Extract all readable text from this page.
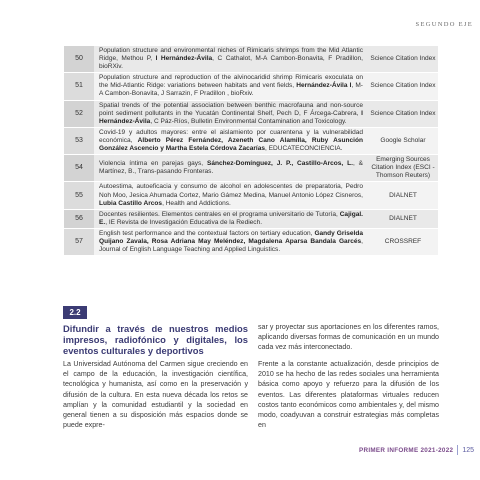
SEGUNDO EJE
50	Population structure and environmental niches of Rimicaris shrimps from the Mid Atlantic Ridge, Methou P, I Hernández-Ávila, C Cathalot, M-A Cambon-Bonavita, F Pradillon, bioRXiv.	Science Citation Index
51	Population structure and reproduction of the alvinocaridid shrimp Rimicaris exoculata on the Mid-Atlantic Ridge: variations between habitats and vent fields, Hernández-Ávila I, M-A Cambon-Bonavita, J Sarrazin, F Pradillon , bioRxiv.	Science Citation Index
52	Spatial trends of the potential association between benthic macrofauna and non-source point sediment pollutants in the Yucatán Continental Shelf, Pech D, F Árcega-Cabrera, I Hernández-Ávila, C Páz-Ríos, Bulletin Environmental Contamination and Toxicology.	Science Citation Index
53	Covid-19 y adultos mayores: entre el aislamiento por cuarentena y la vulnerabilidad económica, Alberto Pérez Fernández, Azeneth Cano Alamilla, Ruby Asunción González Ascencio y Martha Estela Córdova Zacarías, EDUCATECONCIENCIA.	Google Scholar
54	Violencia íntima en parejas gays, Sánchez-Domínguez, J. P., Castillo-Arcos, L., & Martínez, B., Trans-pasando Fronteras.	Emerging Sources Citation Index (ESCI - Thomson Reuters)
55	Autoestima, autoeficacia y consumo de alcohol en adolescentes de preparatoria, Pedro Noh Moo, Jesica Ahumada Cortez, Mario Gámez Medina, Manuel Antonio López Cisneros, Lubia Castillo Arcos, Health and Addictions.	DIALNET
56	Docentes resilientes. Elementos centrales en el programa universitario de Tutoría, Cajigal. E., IE Revista de Investigación Educativa de la Rediech.	DIALNET
57	English test performance and the contextual factors on tertiary education, Gandy Griselda Quijano Zavala, Rosa Adriana May Meléndez, Magdalena Aparsa Bandala Garcés, Journal of English Language Teaching and Applied Linguistics.	CROSSREF
2.2
Difundir a través de nuestros medios impresos, radiofónico y digitales, los eventos culturales y deportivos
La Universidad Autónoma del Carmen sigue creciendo en el campo de la educación, la investigación científica, tecnológica y humanista, así como en la preservación y difusión de la cultura. En esta nueva década los retos se amplían y la comunidad estudiantil y la sociedad en general tienen a su disposición más espacios donde se puede expre-
sar y proyectar sus aportaciones en los diferentes ramos, aplicando diversas formas de comunicación en un mundo cada vez más interconectado.
Frente a la constante actualización, desde principios de 2010 se ha hecho de las redes sociales una herramienta básica como apoyo y refuerzo para la difusión de los eventos. Las diferentes plataformas virtuales reducen costos tanto económicos como ambientales y, del mismo modo, coadyuvan a construir estrategias más completas en
PRIMER INFORME 2021-2022 125
